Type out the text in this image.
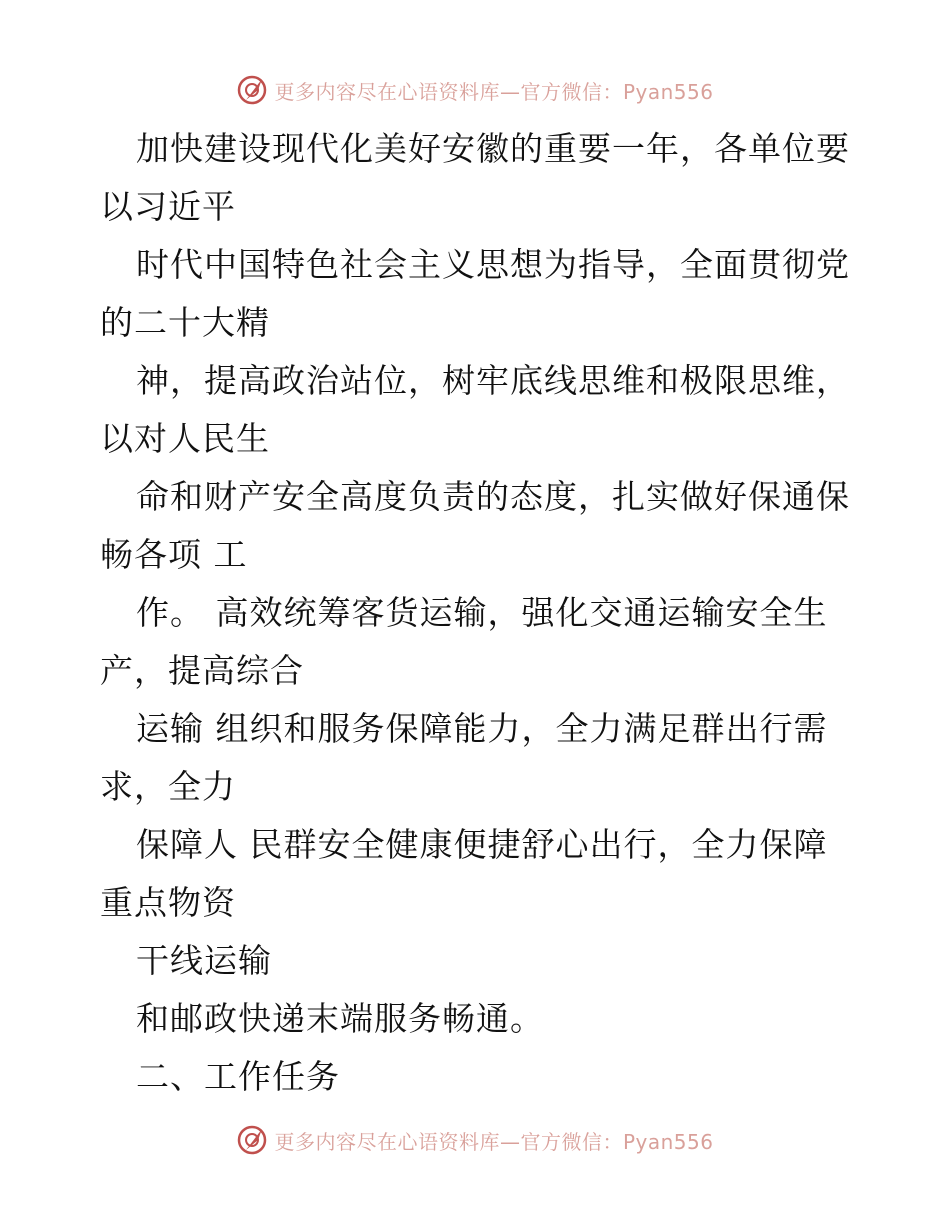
更多内容尽在心语资料库—官方微信：Pyan556
加快建设现代化美好安徽的重要一年，各单位要
以习近平
时代中国特色社会主义思想为指导，全面贯彻党
的二十大精
神，提高政治站位，树牢底线思维和极限思维，
以对人民生
命和财产安全高度负责的态度，扎实做好保通保
畅各项 工
作。 高效统筹客货运输，强化交通运输安全生
产，提高综合
运输 组织和服务保障能力，全力满足群出行需
求，全力
保障人 民群安全健康便捷舒心出行，全力保障
重点物资
干线运输
和邮政快递末端服务畅通。
二、工作任务
更多内容尽在心语资料库—官方微信：Pyan556
